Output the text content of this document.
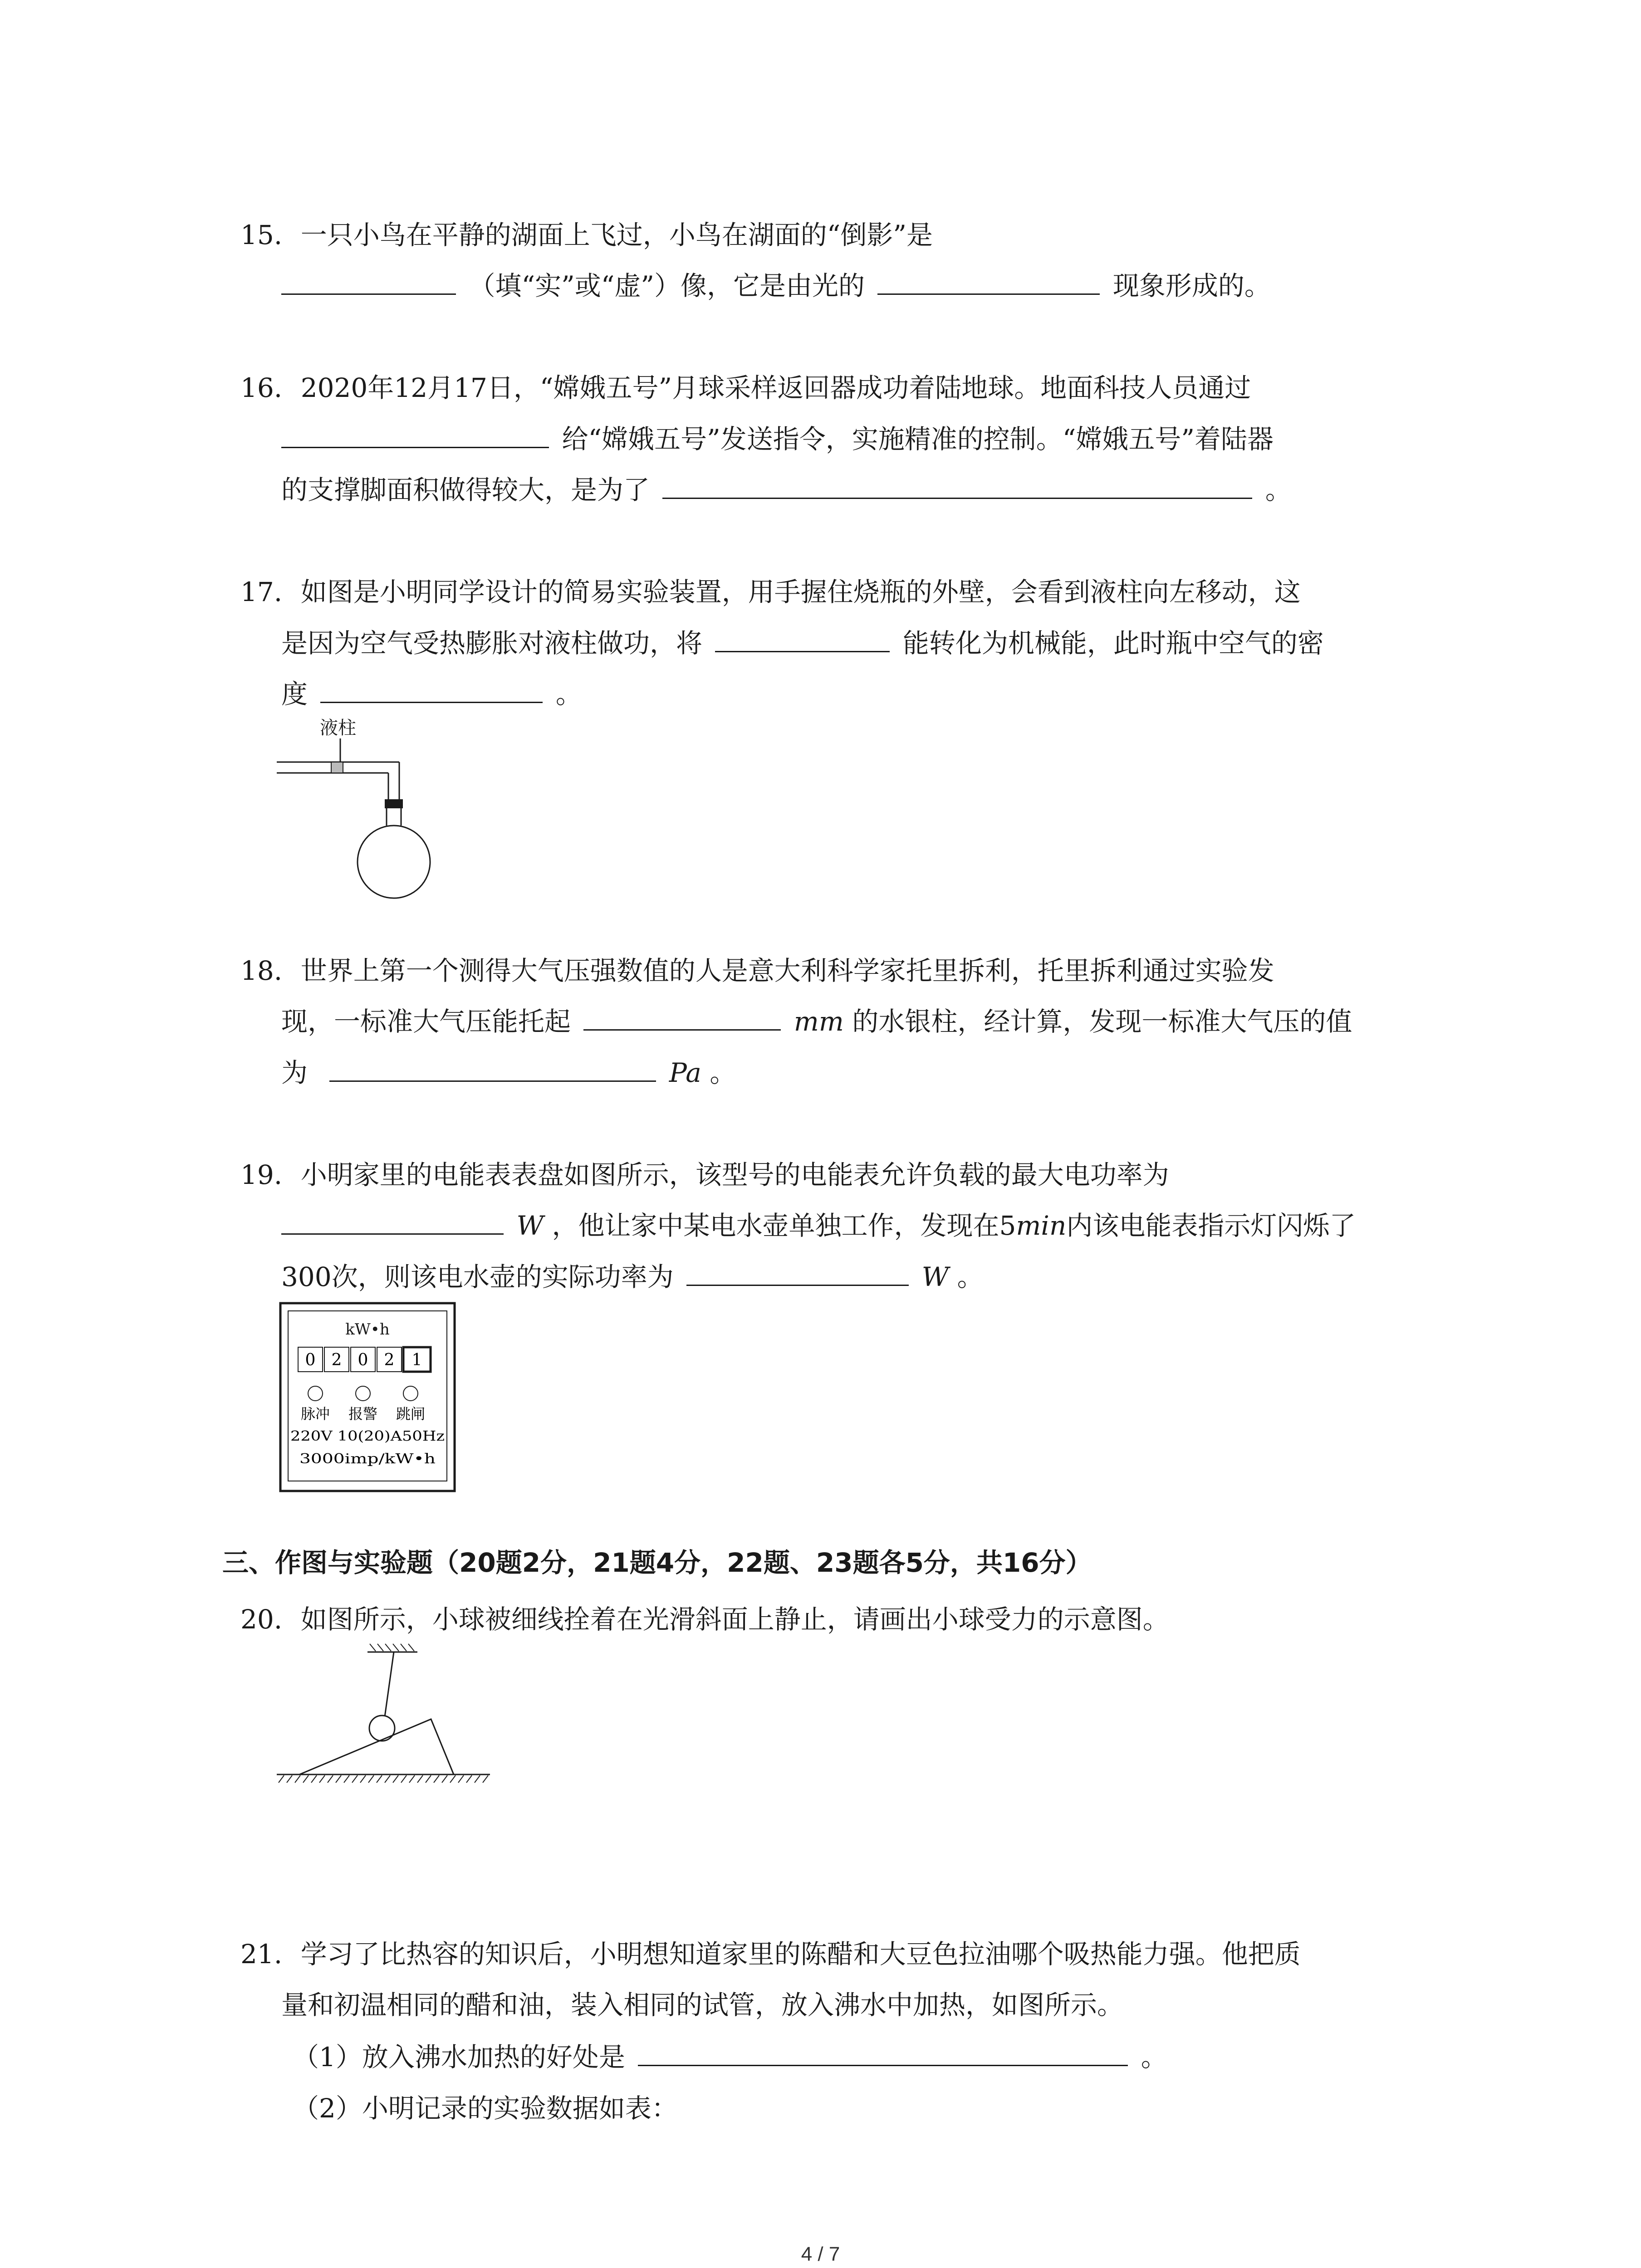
15. 一只小鸟在平静的湖面上飞过，小鸟在湖面的“倒影”是
（填“实”或“虚”）像，它是由光的	现象形成的。
16. 2020年12月17日，“嫦娥五号”月球采样返回器成功着陆地球。地面科技人员通过
给“嫦娥五号”发送指令，实施精准的控制。“嫦娥五号”着陆器
的支撑脚面积做得较大，是为了	。
17. 如图是小明同学设计的简易实验装置，用手握住烧瓶的外壁，会看到液柱向左移动，这
是因为空气受热膨胀对液柱做功，将	能转化为机械能，此时瓶中空气的密
度	。
液柱
18. 世界上第一个测得大气压强数值的人是意大利科学家托里拆利，托里拆利通过实验发
现，一标准大气压能托起	mm 的水银柱，经计算，发现一标准大气压的值
为	Pa 。
19. 小明家里的电能表表盘如图所示，该型号的电能表允许负载的最大电功率为
W ，他让家中某电水壶单独工作，发现在5min内该电能表指示灯闪烁了
300次，则该电水壶的实际功率为	W 。
kW•h
0 2 0 2 1
脉冲 报警 跳闸
220V 10(20)A50Hz
3000imp/kW•h
三、作图与实验题（20题2分，21题4分，22题、23题各5分，共16分）
20. 如图所示，小球被细线拴着在光滑斜面上静止，请画出小球受力的示意图。
21. 学习了比热容的知识后，小明想知道家里的陈醋和大豆色拉油哪个吸热能力强。他把质
量和初温相同的醋和油，装入相同的试管，放入沸水中加热，如图所示。
（1）放入沸水加热的好处是	。
（2）小明记录的实验数据如表：
4 / 7
